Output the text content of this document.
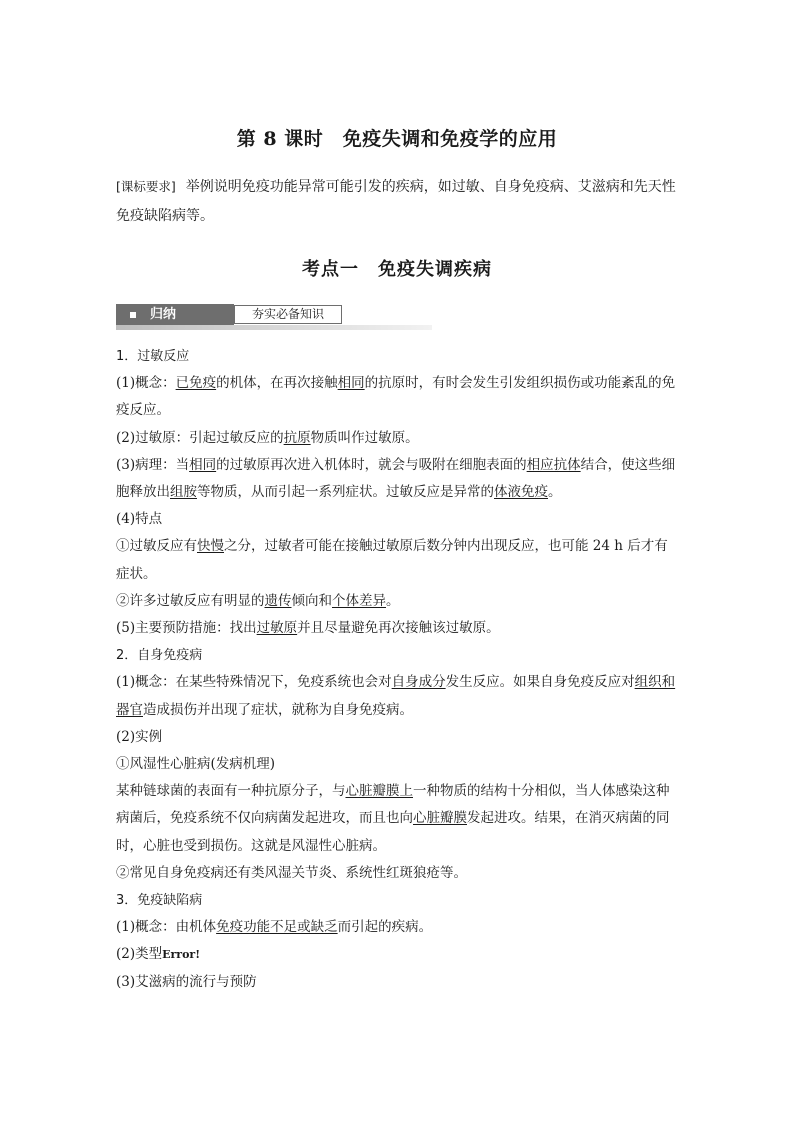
第 8 课时　免疫失调和免疫学的应用
[课标要求] 举例说明免疫功能异常可能引发的疾病，如过敏、自身免疫病、艾滋病和先天性免疫缺陷病等。
考点一　免疫失调疾病
归纳	夯实必备知识

1．过敏反应

(1)概念：已免疫的机体，在再次接触相同的抗原时，有时会发生引发组织损伤或功能紊乱的免疫反应。

(2)过敏原：引起过敏反应的抗原物质叫作过敏原。

(3)病理：当相同的过敏原再次进入机体时，就会与吸附在细胞表面的相应抗体结合，使这些细胞释放出组胺等物质，从而引起一系列症状。过敏反应是异常的体液免疫。

(4)特点

①过敏反应有快慢之分，过敏者可能在接触过敏原后数分钟内出现反应，也可能 24 h 后才有症状。

②许多过敏反应有明显的遗传倾向和个体差异。

(5)主要预防措施：找出过敏原并且尽量避免再次接触该过敏原。

2．自身免疫病

(1)概念：在某些特殊情况下，免疫系统也会对自身成分发生反应。如果自身免疫反应对组织和器官造成损伤并出现了症状，就称为自身免疫病。

(2)实例

①风湿性心脏病(发病机理)

某种链球菌的表面有一种抗原分子，与心脏瓣膜上一种物质的结构十分相似，当人体感染这种病菌后，免疫系统不仅向病菌发起进攻，而且也向心脏瓣膜发起进攻。结果，在消灭病菌的同时，心脏也受到损伤。这就是风湿性心脏病。

②常见自身免疫病还有类风湿关节炎、系统性红斑狼疮等。

3．免疫缺陷病

(1)概念：由机体免疫功能不足或缺乏而引起的疾病。

(2)类型Error!

(3)艾滋病的流行与预防
